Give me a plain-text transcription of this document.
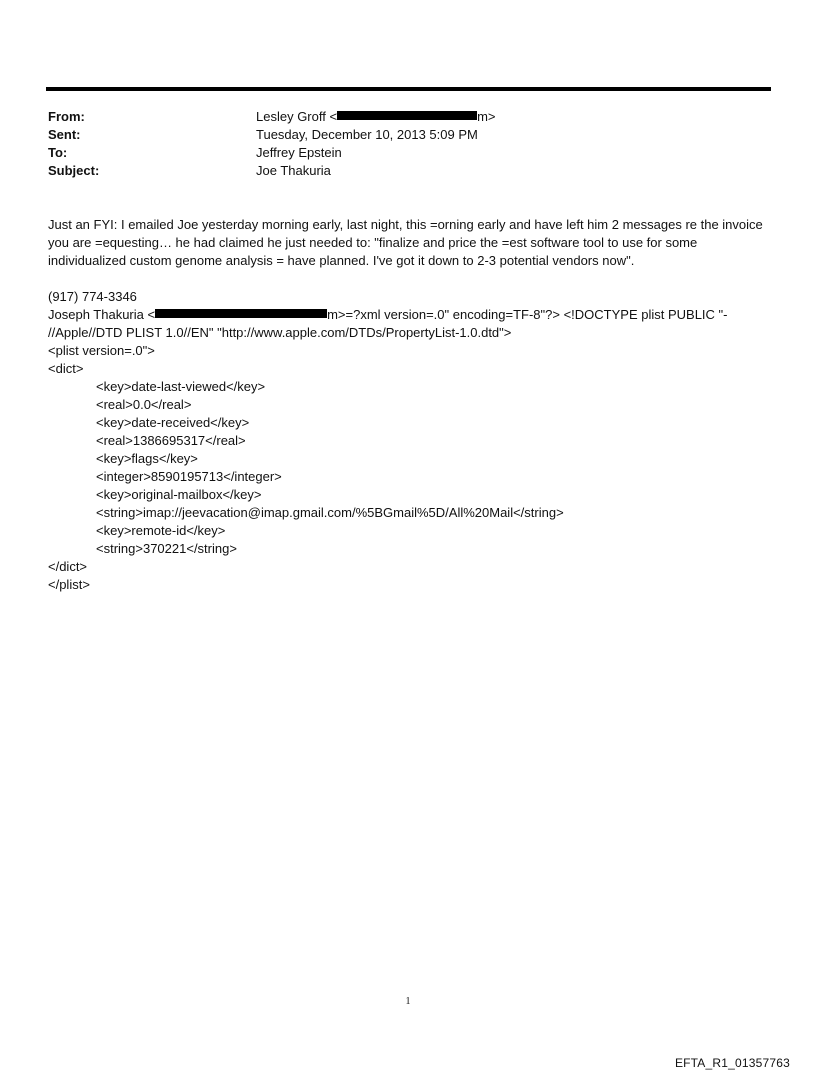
From:	Lesley Groff <	m>
Sent:	Tuesday, December 10, 2013 5:09 PM
To:	Jeffrey Epstein
Subject:	Joe Thakuria

Just an FYI: I emailed Joe yesterday morning early, last night, this =orning early and have left him 2 messages re the invoice you are =equesting… he had claimed he just needed to: "finalize and price the =est software tool to use for some individualized custom genome analysis = have planned. I've got it down to 2-3 potential vendors now".

(917) 774-3346
Joseph Thakuria <	m>=?xml version=.0" encoding=TF-8"?> <!DOCTYPE plist PUBLIC "-
//Apple//DTD PLIST 1.0//EN" "http://www.apple.com/DTDs/PropertyList-1.0.dtd">
<plist version=.0">
<dict>
<key>date-last-viewed</key>
<real>0.0</real>
<key>date-received</key>
<real>1386695317</real>
<key>flags</key>
<integer>8590195713</integer>
<key>original-mailbox</key>
<string>imap://jeevacation@imap.gmail.com/%5BGmail%5D/All%20Mail</string>
<key>remote-id</key>
<string>370221</string>
</dict>
</plist>
1
EFTA_R1_01357763
